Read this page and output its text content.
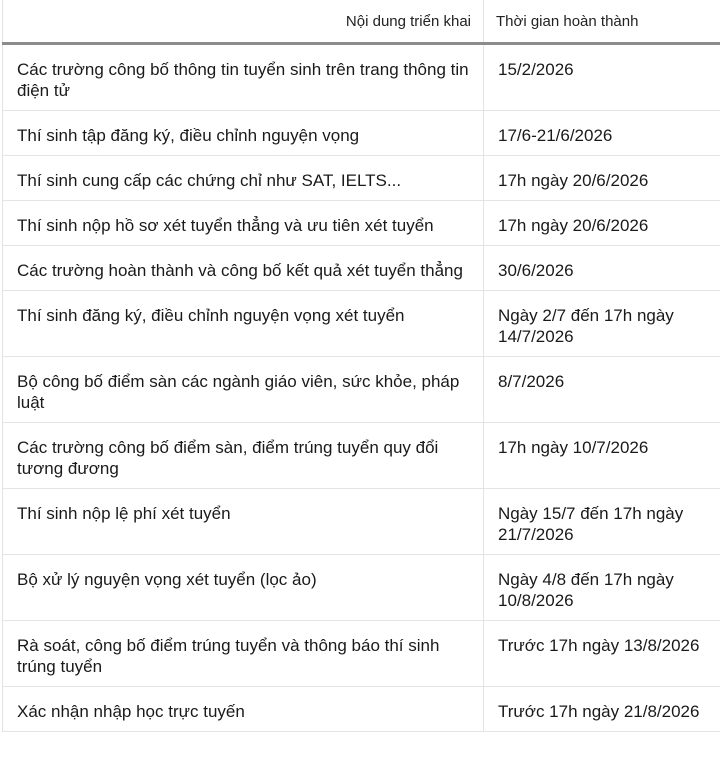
Nội dung triển khai	Thời gian hoàn thành
Các trường công bố thông tin tuyển sinh trên trang thông tin điện tử	15/2/2026
Thí sinh tập đăng ký, điều chỉnh nguyện vọng	17/6-21/6/2026
Thí sinh cung cấp các chứng chỉ như SAT, IELTS...	17h ngày 20/6/2026
Thí sinh nộp hồ sơ xét tuyển thẳng và ưu tiên xét tuyển	17h ngày 20/6/2026
Các trường hoàn thành và công bố kết quả xét tuyển thẳng	30/6/2026
Thí sinh đăng ký, điều chỉnh nguyện vọng xét tuyển	Ngày 2/7 đến 17h ngày 14/7/2026
Bộ công bố điểm sàn các ngành giáo viên, sức khỏe, pháp luật	8/7/2026
Các trường công bố điểm sàn, điểm trúng tuyển quy đổi tương đương	17h ngày 10/7/2026
Thí sinh nộp lệ phí xét tuyển	Ngày 15/7 đến 17h ngày 21/7/2026
Bộ xử lý nguyện vọng xét tuyển (lọc ảo)	Ngày 4/8 đến 17h ngày 10/8/2026
Rà soát, công bố điểm trúng tuyển và thông báo thí sinh trúng tuyển	Trước 17h ngày 13/8/2026
Xác nhận nhập học trực tuyến	Trước 17h ngày 21/8/2026
